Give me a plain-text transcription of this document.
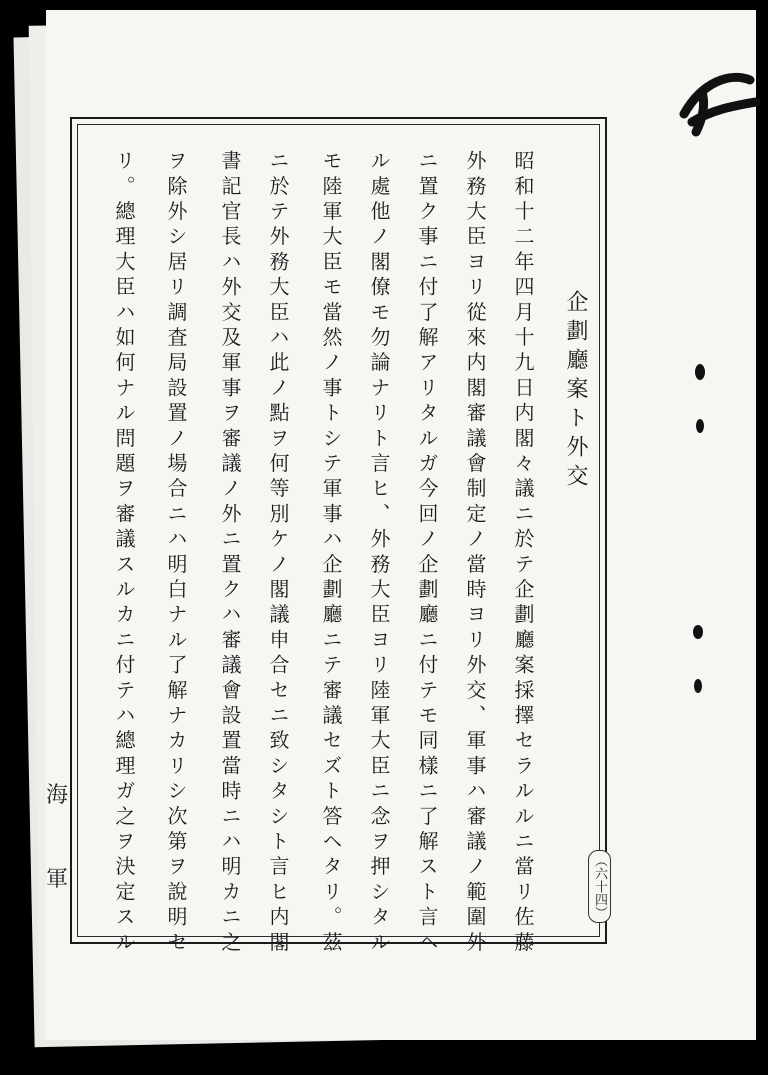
企劃廳案ト外交
昭和十二年四月十九日内閣々議ニ於テ企劃廳案採擇セラルルニ當リ佐藤
外務大臣ヨリ從來内閣審議會制定ノ當時ヨリ外交、軍事ハ審議ノ範圍外
ニ置ク事ニ付了解アリタルガ今回ノ企劃廳ニ付テモ同樣ニ了解スト言ヘ
ル處他ノ閣僚モ勿論ナリト言ヒ、外務大臣ヨリ陸軍大臣ニ念ヲ押シタル
モ陸軍大臣モ當然ノ事トシテ軍事ハ企劃廳ニテ審議セズト答ヘタリ。茲
ニ於テ外務大臣ハ此ノ點ヲ何等別ケノ閣議申合セニ致シタシト言ヒ内閣
書記官長ハ外交及軍事ヲ審議ノ外ニ置クハ審議會設置當時ニハ明カニ之
ヲ除外シ居リ調査局設置ノ場合ニハ明白ナル了解ナカリシ次第ヲ說明セ
リ。總理大臣ハ如何ナル問題ヲ審議スルカニ付テハ總理ガ之ヲ決定スル
海
軍	（六十四）
